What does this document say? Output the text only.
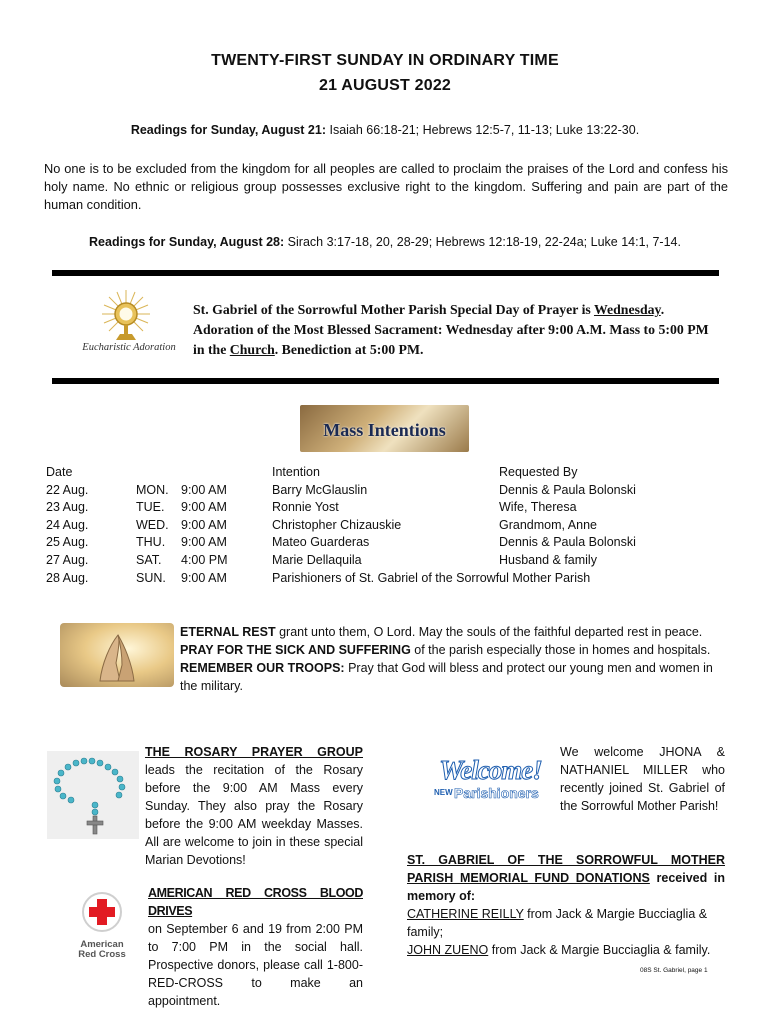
TWENTY-FIRST SUNDAY IN ORDINARY TIME
21 AUGUST 2022
Readings for Sunday, August 21: Isaiah 66:18-21; Hebrews 12:5-7, 11-13; Luke 13:22-30.
No one is to be excluded from the kingdom for all peoples are called to proclaim the praises of the Lord and confess his holy name. No ethnic or religious group possesses exclusive right to the kingdom. Suffering and pain are part of the human condition.
Readings for Sunday, August 28: Sirach 3:17-18, 20, 28-29; Hebrews 12:18-19, 22-24a; Luke 14:1, 7-14.
Eucharistic Adoration
St. Gabriel of the Sorrowful Mother Parish Special Day of Prayer is Wednesday.
Adoration of the Most Blessed Sacrament: Wednesday after 9:00 A.M. Mass to 5:00 PM in the Church. Benediction at 5:00 PM.
Mass Intentions
Date			Intention	Requested By
22 Aug.	MON.	9:00 AM	Barry McGlauslin	Dennis & Paula Bolonski
23 Aug.	TUE.	9:00 AM	Ronnie Yost	Wife, Theresa
24 Aug.	WED.	9:00 AM	Christopher Chizauskie	Grandmom, Anne
25 Aug.	THU.	9:00 AM	Mateo Guarderas	Dennis & Paula Bolonski
27 Aug.	SAT.	4:00 PM	Marie Dellaquila	Husband & family
28 Aug.	SUN.	9:00 AM	Parishioners of St. Gabriel of the Sorrowful Mother Parish	
ETERNAL REST grant unto them, O Lord. May the souls of the faithful departed rest in peace.
PRAY FOR THE SICK AND SUFFERING of the parish especially those in homes and hospitals.
REMEMBER OUR TROOPS: Pray that God will bless and protect our young men and women in the military.
THE ROSARY PRAYER GROUP leads the recitation of the Rosary before the 9:00 AM Mass every Sunday. They also pray the Rosary before the 9:00 AM weekday Masses. All are welcome to join in these special Marian Devotions!
Welcome!
NEW Parishioners
We welcome JHONA & NATHANIEL MILLER who recently joined St. Gabriel of the Sorrowful Mother Parish!
ST. GABRIEL OF THE SORROWFUL MOTHER PARISH MEMORIAL FUND DONATIONS received in memory of:
CATHERINE REILLY from Jack & Margie Bucciaglia & family;
JOHN ZUENO from Jack & Margie Bucciaglia & family.
American
Red Cross
AMERICAN RED CROSS BLOOD DRIVES
on September 6 and 19 from 2:00 PM to 7:00 PM in the social hall. Prospective donors, please call 1-800-RED-CROSS to make an appointment.
08S St. Gabriel, page 1
